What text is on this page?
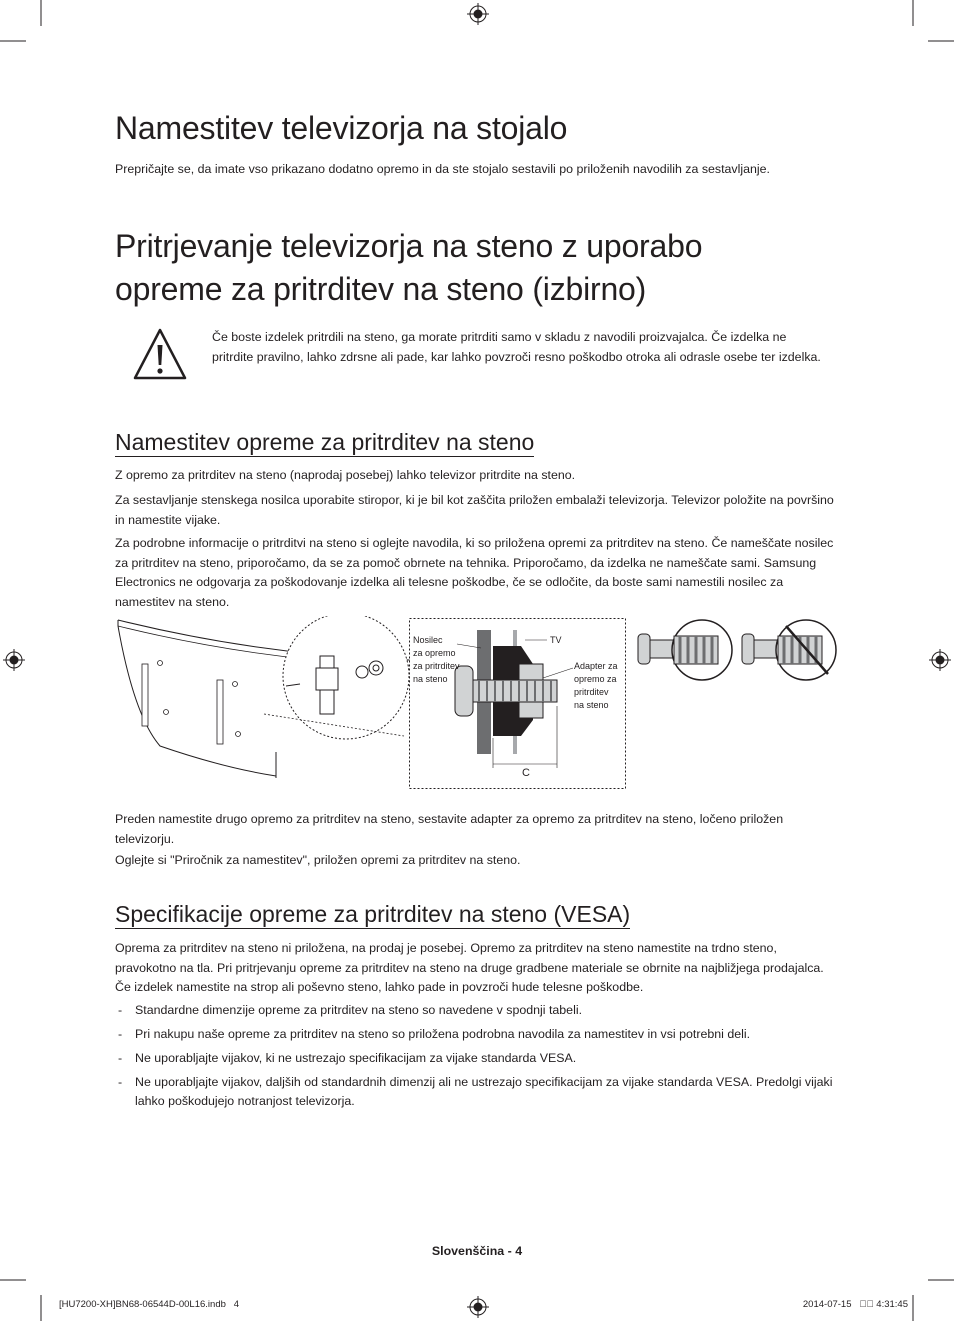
Namestitev televizorja na stojalo

Prepričajte se, da imate vso prikazano dodatno opremo in da ste stojalo sestavili po priloženih navodilih za sestavljanje.

Pritrjevanje televizorja na steno z uporabo
opreme za pritrditev na steno (izbirno)

Če boste izdelek pritrdili na steno, ga morate pritrditi samo v skladu z navodili proizvajalca. Če izdelka ne pritrdite pravilno, lahko zdrsne ali pade, kar lahko povzroči resno poškodbo otroka ali odrasle osebe ter izdelka.

Namestitev opreme za pritrditev na steno

Z opremo za pritrditev na steno (naprodaj posebej) lahko televizor pritrdite na steno.

Za sestavljanje stenskega nosilca uporabite stiropor, ki je bil kot zaščita priložen embalaži televizorja. Televizor položite na površino in namestite vijake.

Za podrobne informacije o pritrditvi na steno si oglejte navodila, ki so priložena opremi za pritrditev na steno. Če nameščate nosilec za pritrditev na steno, priporočamo, da se za pomoč obrnete na tehnika. Priporočamo, da izdelka ne nameščate sami. Samsung Electronics ne odgovarja za poškodovanje izdelka ali telesne poškodbe, če se odločite, da boste sami namestili nosilec za namestitev na steno.

Nosilec
za opremo
za pritrditev
na steno
TV
Adapter za
opremo za
pritrditev
na steno
C

Preden namestite drugo opremo za pritrditev na steno, sestavite adapter za opremo za pritrditev na steno, ločeno priložen televizorju.

Oglejte si "Priročnik za namestitev", priložen opremi za pritrditev na steno.

Specifikacije opreme za pritrditev na steno (VESA)

Oprema za pritrditev na steno ni priložena, na prodaj je posebej. Opremo za pritrditev na steno namestite na trdno steno, pravokotno na tla. Pri pritrjevanju opreme za pritrditev na steno na druge gradbene materiale se obrnite na najbližjega prodajalca. Če izdelek namestite na strop ali poševno steno, lahko pade in povzroči hude telesne poškodbe.

- Standardne dimenzije opreme za pritrditev na steno so navedene v spodnji tabeli.
- Pri nakupu naše opreme za pritrditev na steno so priložena podrobna navodila za namestitev in vsi potrebni deli.
- Ne uporabljajte vijakov, ki ne ustrezajo specifikacijam za vijake standarda VESA.
- Ne uporabljajte vijakov, daljših od standardnih dimenzij ali ne ustrezajo specifikacijam za vijake standarda VESA. Predolgi vijaki lahko poškodujejo notranjost televizorja.
Slovenščina - 4
[HU7200-XH]BN68-06544D-00L16.indb   4	2014-07-15   ￿￿ 4:31:45
